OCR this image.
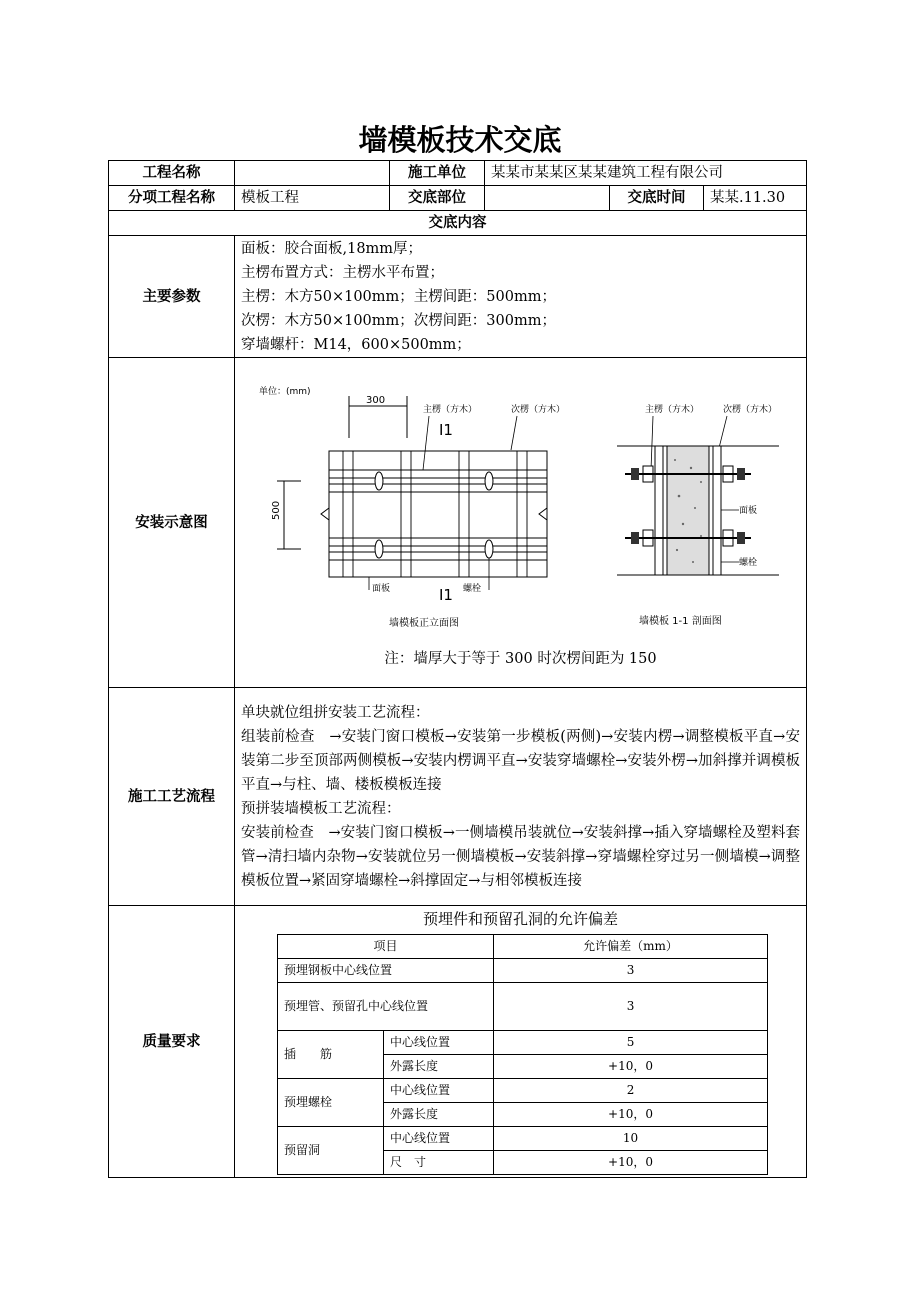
墙模板技术交底
工程名称		施工单位	某某市某某区某某建筑工程有限公司
分项工程名称	模板工程	交底部位		交底时间	某某.11.30
交底内容
主要参数	
面板：胶合面板,18mm厚；
主楞布置方式：主楞水平布置；
主楞：木方50×100mm；主楞间距：500mm；
次楞：木方50×100mm；次楞间距：300mm；
穿墙螺杆：M14，600×500mm；

安装示意图	
单位：(mm)
300
主楞（方木）	次楞（方木）
I1
500
面板	螺栓
I1
墙模板正立面图
主楞（方木）	次楞（方木）
面板
螺栓
墙模板 1-1 剖面图
注：墙厚大于等于 300 时次楞间距为 150

施工工艺流程	
单块就位组拼安装工艺流程：
组装前检查　→安装门窗口模板→安装第一步模板(两侧)→安装内楞→调整模板平直→安装第二步至顶部两侧模板→安装内楞调平直→安装穿墙螺栓→安装外楞→加斜撑并调模板平直→与柱、墙、楼板模板连接
预拼装墙模板工艺流程：
安装前检查　→安装门窗口模板→一侧墙模吊装就位→安装斜撑→插入穿墙螺栓及塑料套管→清扫墙内杂物→安装就位另一侧墙模板→安装斜撑→穿墙螺栓穿过另一侧墙模→调整模板位置→紧固穿墙螺栓→斜撑固定→与相邻模板连接

质量要求	
预埋件和预留孔洞的允许偏差
项目	允许偏差（mm）
预埋钢板中心线位置	3
预埋管、预留孔中心线位置	3
插　　筋	中心线位置	5
外露长度	+10，0
预埋螺栓	中心线位置	2
外露长度	+10，0
预留洞	中心线位置	10
尺　寸	+10，0
